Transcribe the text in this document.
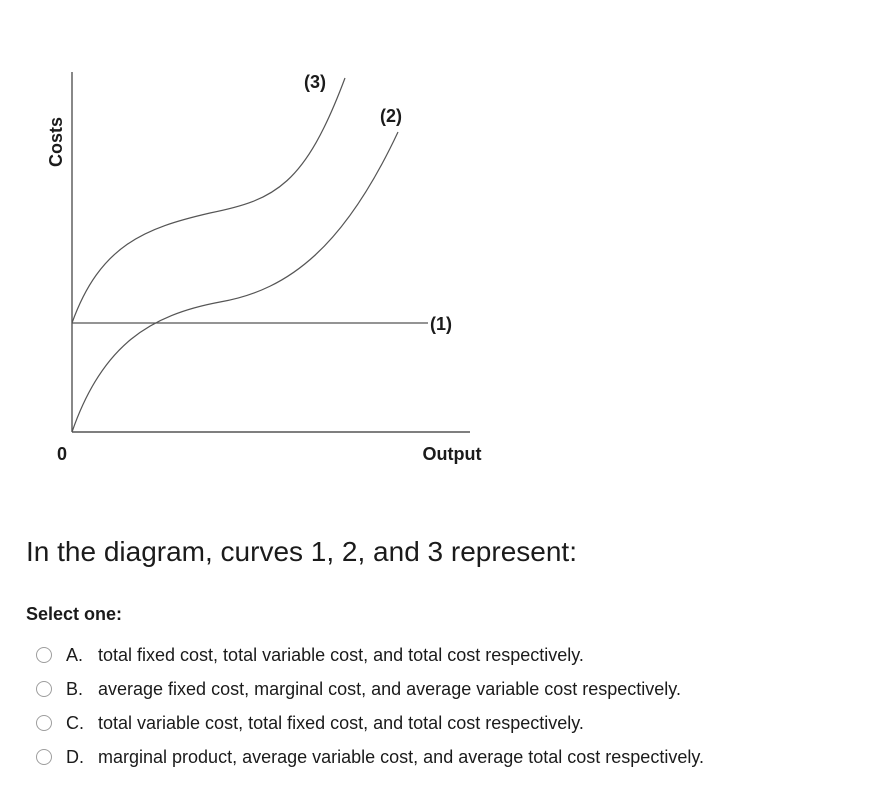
Costs
0	Output
(1)
(2)
(3)
In the diagram, curves 1, 2, and 3 represent:
Select one:
A. total fixed cost, total variable cost, and total cost respectively.
B. average fixed cost, marginal cost, and average variable cost respectively.
C. total variable cost, total fixed cost, and total cost respectively.
D. marginal product, average variable cost, and average total cost respectively.
